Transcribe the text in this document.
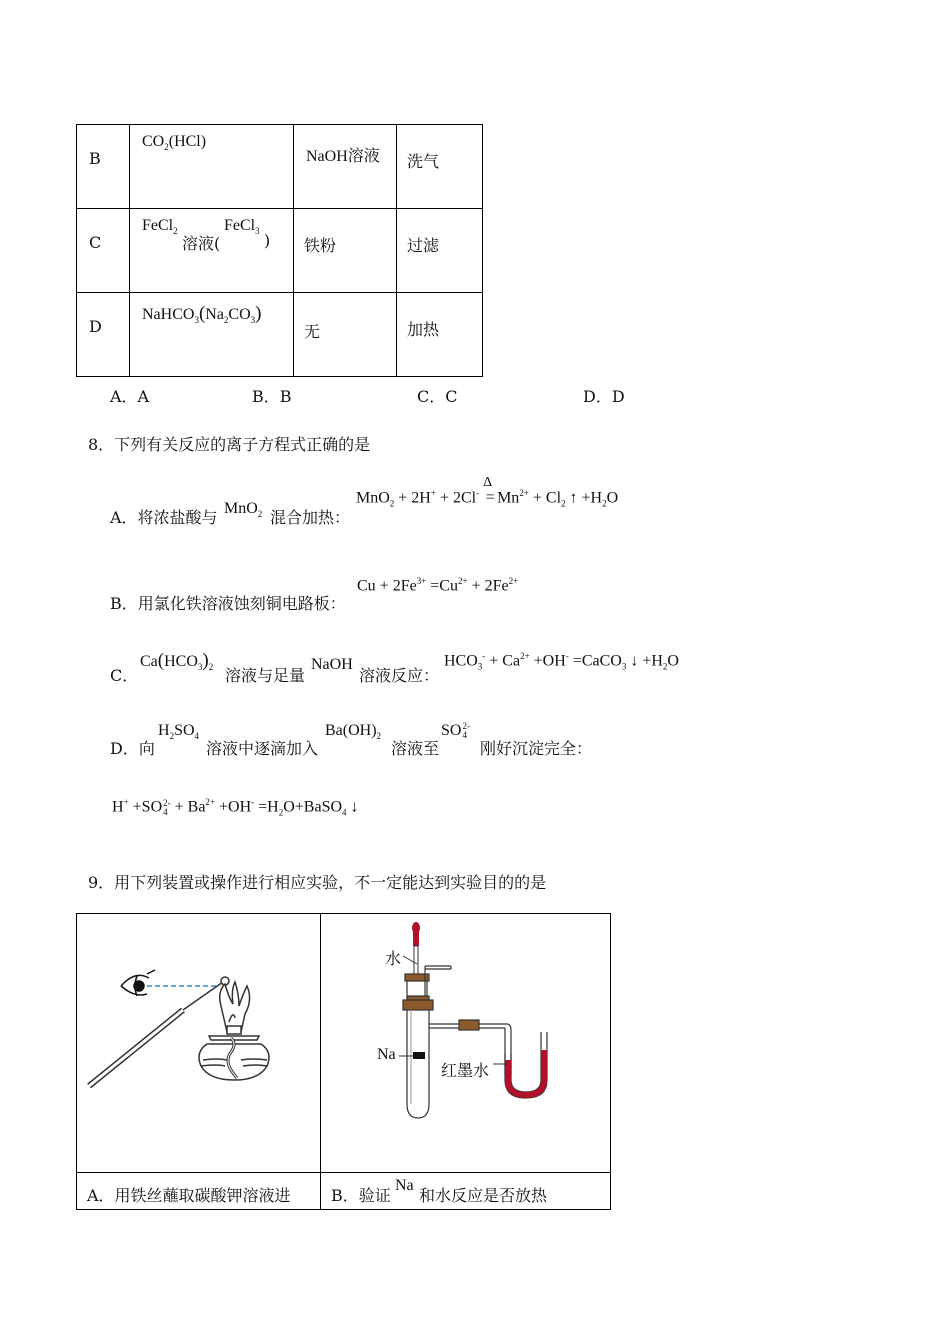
B	$CO_2(HCl)$	NaOH溶液	洗气

C	FeCl$_2$
溶液(
FeCl$_3$ )	铁粉	过滤

D	$NaHCO_3(Na_2CO_3)$	无	加热
A．A	B．B	C．C	D．D
8．下列有关反应的离子方程式正确的是
A．将浓盐酸与 MnO$_2$ 混合加热：
MnO$_2$ + 2H+ + 2Cl-
Δ
= $Mn^{2+} + Cl_2$ ↑ $+H_2O$
B．用氯化铁溶液蚀刻铜电路板：
$Cu + 2Fe^{3+} =Cu^{2+} + 2Fe^{2+}$
C．
$Ca(HCO_3)_2$ 溶液与足量
NaOH
溶液反应：
$HCO_3^- + Ca^{2+} +OH^-$ =CaCO$_3$ ↓ $+H_2O$
D．向
$H_2SO_4$
溶液中逐滴加入
$Ba(OH)_2$
溶液至
SO 2-
4
刚好沉淀完全：
H+ +SO 2-
$4 + Ba^{2+} +OH^-$ $=H_2O+BaSO_4$ ↓
9．用下列装置或操作进行相应实验，不一定能达到实验目的的是

水
Na
红墨水

A．用铁丝蘸取碳酸钾溶液进	B．验证
Na
和水反应是否放热
